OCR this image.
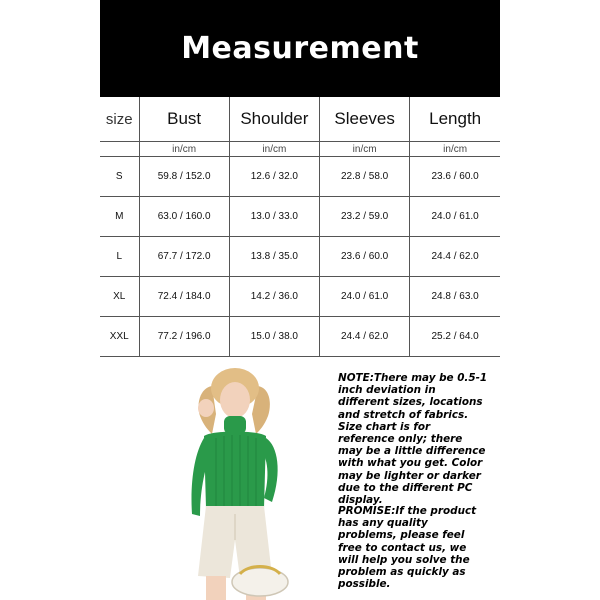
Measurement
size	Bust	Shoulder	Sleeves	Length
	in/cm	in/cm	in/cm	in/cm
S	59.8 / 152.0	12.6 / 32.0	22.8 / 58.0	23.6 / 60.0
M	63.0 / 160.0	13.0 / 33.0	23.2 / 59.0	24.0 / 61.0
L	67.7 / 172.0	13.8 / 35.0	23.6 / 60.0	24.4 / 62.0
XL	72.4 / 184.0	14.2 / 36.0	24.0 / 61.0	24.8 / 63.0
XXL	77.2 / 196.0	15.0 / 38.0	24.4 / 62.0	25.2 / 64.0

NOTE:There may be 0.5-1 inch deviation in different sizes, locations and stretch of fabrics. Size chart is for reference only; there may be a little difference with what you get. Color may be lighter or darker due to the different PC display.

PROMISE:If the product has any quality problems, please feel free to contact us, we will help you solve the problem as quickly as possible.
